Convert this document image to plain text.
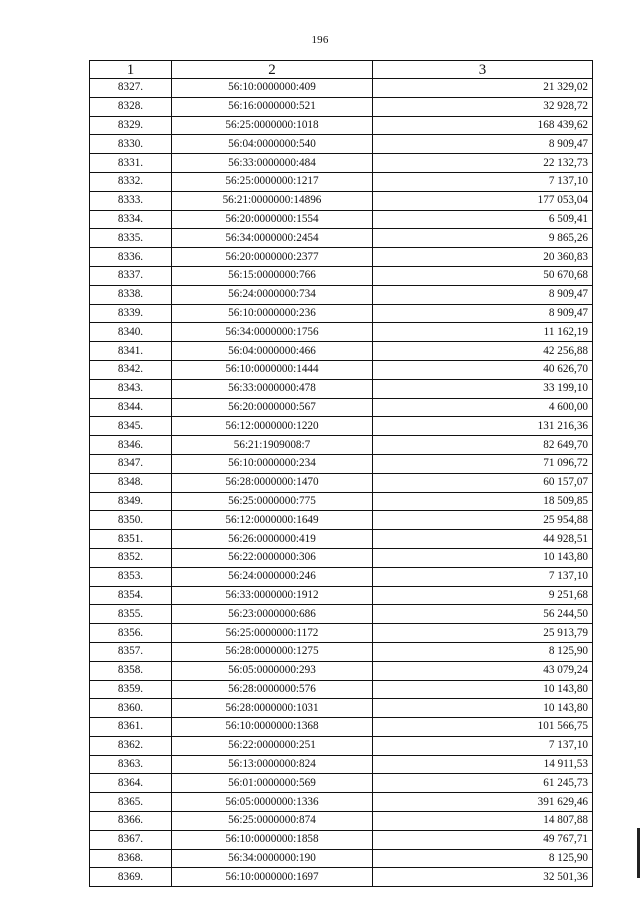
196
1	2	3
8327.	56:10:0000000:409	21 329,02
8328.	56:16:0000000:521	32 928,72
8329.	56:25:0000000:1018	168 439,62
8330.	56:04:0000000:540	8 909,47
8331.	56:33:0000000:484	22 132,73
8332.	56:25:0000000:1217	7 137,10
8333.	56:21:0000000:14896	177 053,04
8334.	56:20:0000000:1554	6 509,41
8335.	56:34:0000000:2454	9 865,26
8336.	56:20:0000000:2377	20 360,83
8337.	56:15:0000000:766	50 670,68
8338.	56:24:0000000:734	8 909,47
8339.	56:10:0000000:236	8 909,47
8340.	56:34:0000000:1756	11 162,19
8341.	56:04:0000000:466	42 256,88
8342.	56:10:0000000:1444	40 626,70
8343.	56:33:0000000:478	33 199,10
8344.	56:20:0000000:567	4 600,00
8345.	56:12:0000000:1220	131 216,36
8346.	56:21:1909008:7	82 649,70
8347.	56:10:0000000:234	71 096,72
8348.	56:28:0000000:1470	60 157,07
8349.	56:25:0000000:775	18 509,85
8350.	56:12:0000000:1649	25 954,88
8351.	56:26:0000000:419	44 928,51
8352.	56:22:0000000:306	10 143,80
8353.	56:24:0000000:246	7 137,10
8354.	56:33:0000000:1912	9 251,68
8355.	56:23:0000000:686	56 244,50
8356.	56:25:0000000:1172	25 913,79
8357.	56:28:0000000:1275	8 125,90
8358.	56:05:0000000:293	43 079,24
8359.	56:28:0000000:576	10 143,80
8360.	56:28:0000000:1031	10 143,80
8361.	56:10:0000000:1368	101 566,75
8362.	56:22:0000000:251	7 137,10
8363.	56:13:0000000:824	14 911,53
8364.	56:01:0000000:569	61 245,73
8365.	56:05:0000000:1336	391 629,46
8366.	56:25:0000000:874	14 807,88
8367.	56:10:0000000:1858	49 767,71
8368.	56:34:0000000:190	8 125,90
8369.	56:10:0000000:1697	32 501,36
